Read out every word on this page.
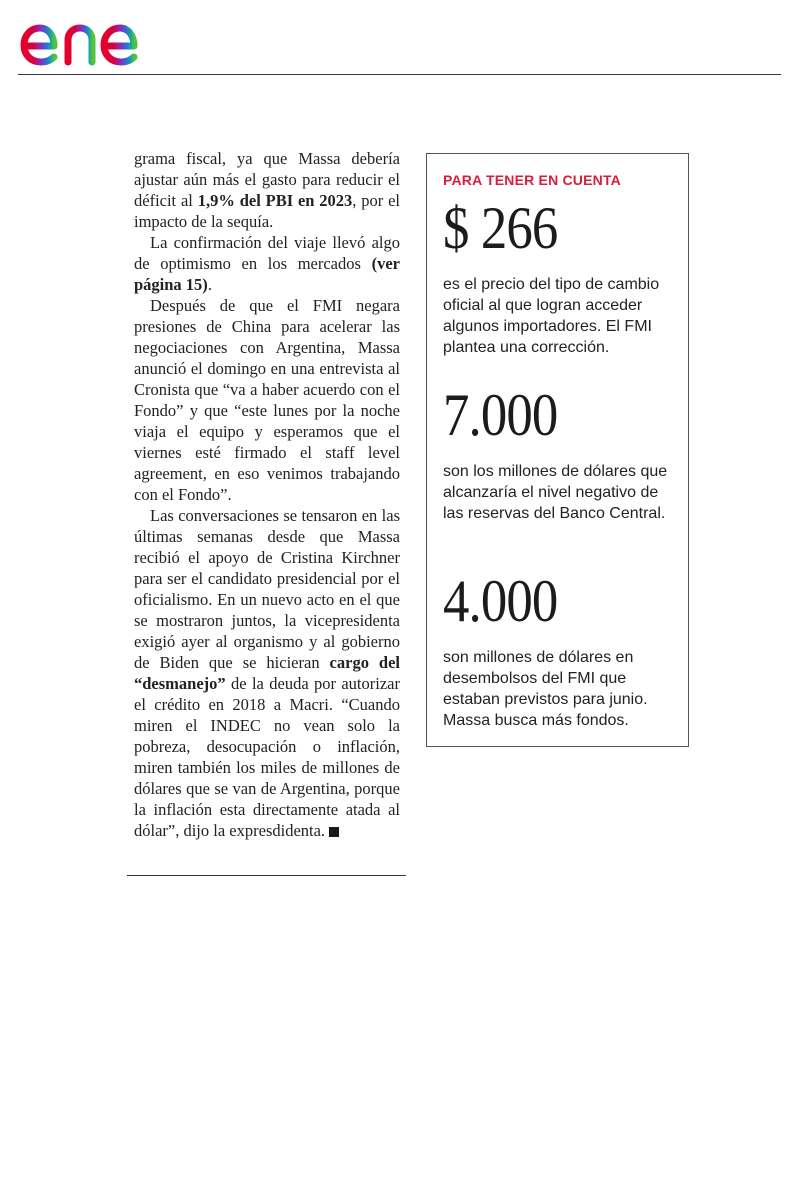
grama fiscal, ya que Massa debería ajustar aún más el gasto para reducir el déficit al 1,9% del PBI en 2023, por el impacto de la sequía.

La confirmación del viaje llevó algo de optimismo en los mercados (ver página 15).

Después de que el FMI negara presiones de China para acelerar las negociaciones con Argentina, Massa anunció el domingo en una entrevista al Cronista que “va a haber acuerdo con el Fondo” y que “este lunes por la noche viaja el equipo y esperamos que el viernes esté firmado el staff level agreement, en eso venimos trabajando con el Fondo”.

Las conversaciones se tensaron en las últimas semanas desde que Massa recibió el apoyo de Cristina Kirchner para ser el candidato presidencial por el oficialismo. En un nuevo acto en el que se mostraron juntos, la vicepresidenta exigió ayer al organismo y al gobierno de Biden que se hicieran cargo del “desmanejo” de la deuda por autorizar el crédito en 2018 a Macri. “Cuando miren el INDEC no vean solo la pobreza, desocupación o inflación, miren también los miles de millones de dólares que se van de Argentina, porque la inflación esta directamente atada al dólar”, dijo la expresdidenta.

PARA TENER EN CUENTA
$ 266
es el precio del tipo de cambio oficial al que logran acceder algunos importadores. El FMI plantea una corrección.
7.000
son los millones de dólares que alcanzaría el nivel negativo de las reservas del Banco Central.
4.000
son millones de dólares en desembolsos del FMI que estaban previstos para junio. Massa busca más fondos.
